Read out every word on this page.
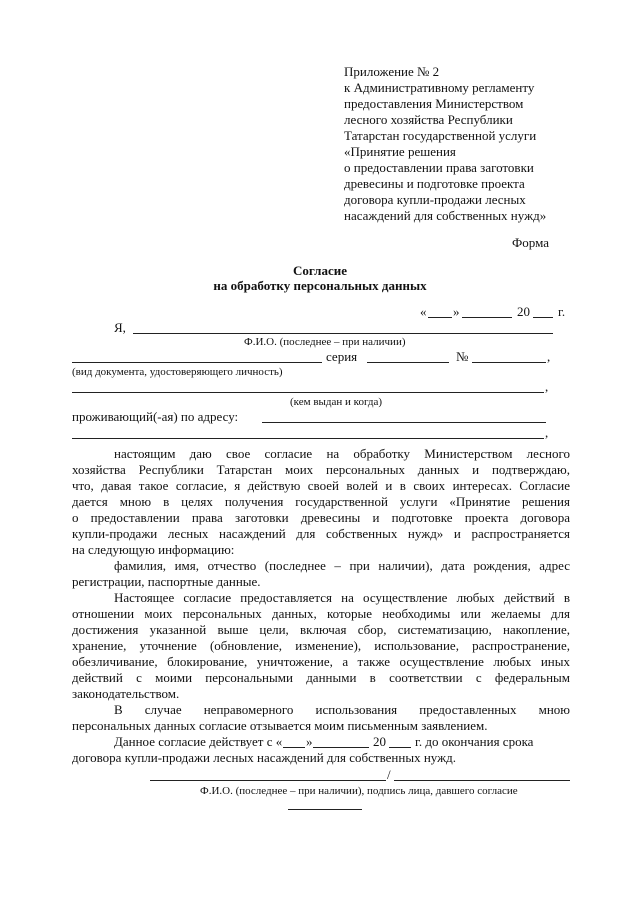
Приложение № 2
к Административному регламенту
предоставления Министерством
лесного хозяйства Республики
Татарстан государственной услуги
«Принятие решения
о предоставлении права заготовки
древесины и подготовке проекта
договора купли-продажи лесных
насаждений для собственных нужд»
Форма
Согласие
на обработку персональных данных
« »	20 г.
Я,
Ф.И.О. (последнее – при наличии)
серия	№	,
(вид документа, удостоверяющего личность)
,
(кем выдан и когда)
проживающий(-ая) по адресу:
,
настоящим даю свое согласие на обработку Министерством лесного
хозяйства Республики Татарстан моих персональных данных и подтверждаю,
что, давая такое согласие, я действую своей волей и в своих интересах. Согласие
дается мною в целях получения государственной услуги «Принятие решения
о предоставлении права заготовки древесины и подготовке проекта договора
купли-продажи лесных насаждений для собственных нужд» и распространяется
на следующую информацию:
фамилия, имя, отчество (последнее – при наличии), дата рождения, адрес
регистрации, паспортные данные.
Настоящее согласие предоставляется на осуществление любых действий в
отношении моих персональных данных, которые необходимы или желаемы для
достижения указанной выше цели, включая сбор, систематизацию, накопление,
хранение, уточнение (обновление, изменение), использование, распространение,
обезличивание, блокирование, уничтожение, а также осуществление любых иных
действий с моими персональными данными в соответствии с федеральным
законодательством.
В случае неправомерного использования предоставленных мною
персональных данных согласие отзывается моим письменным заявлением.
Данное согласие действует с « »	20 г. до окончания срока
договора купли-продажи лесных насаждений для собственных нужд.
/
Ф.И.О. (последнее – при наличии), подпись лица, давшего согласие
